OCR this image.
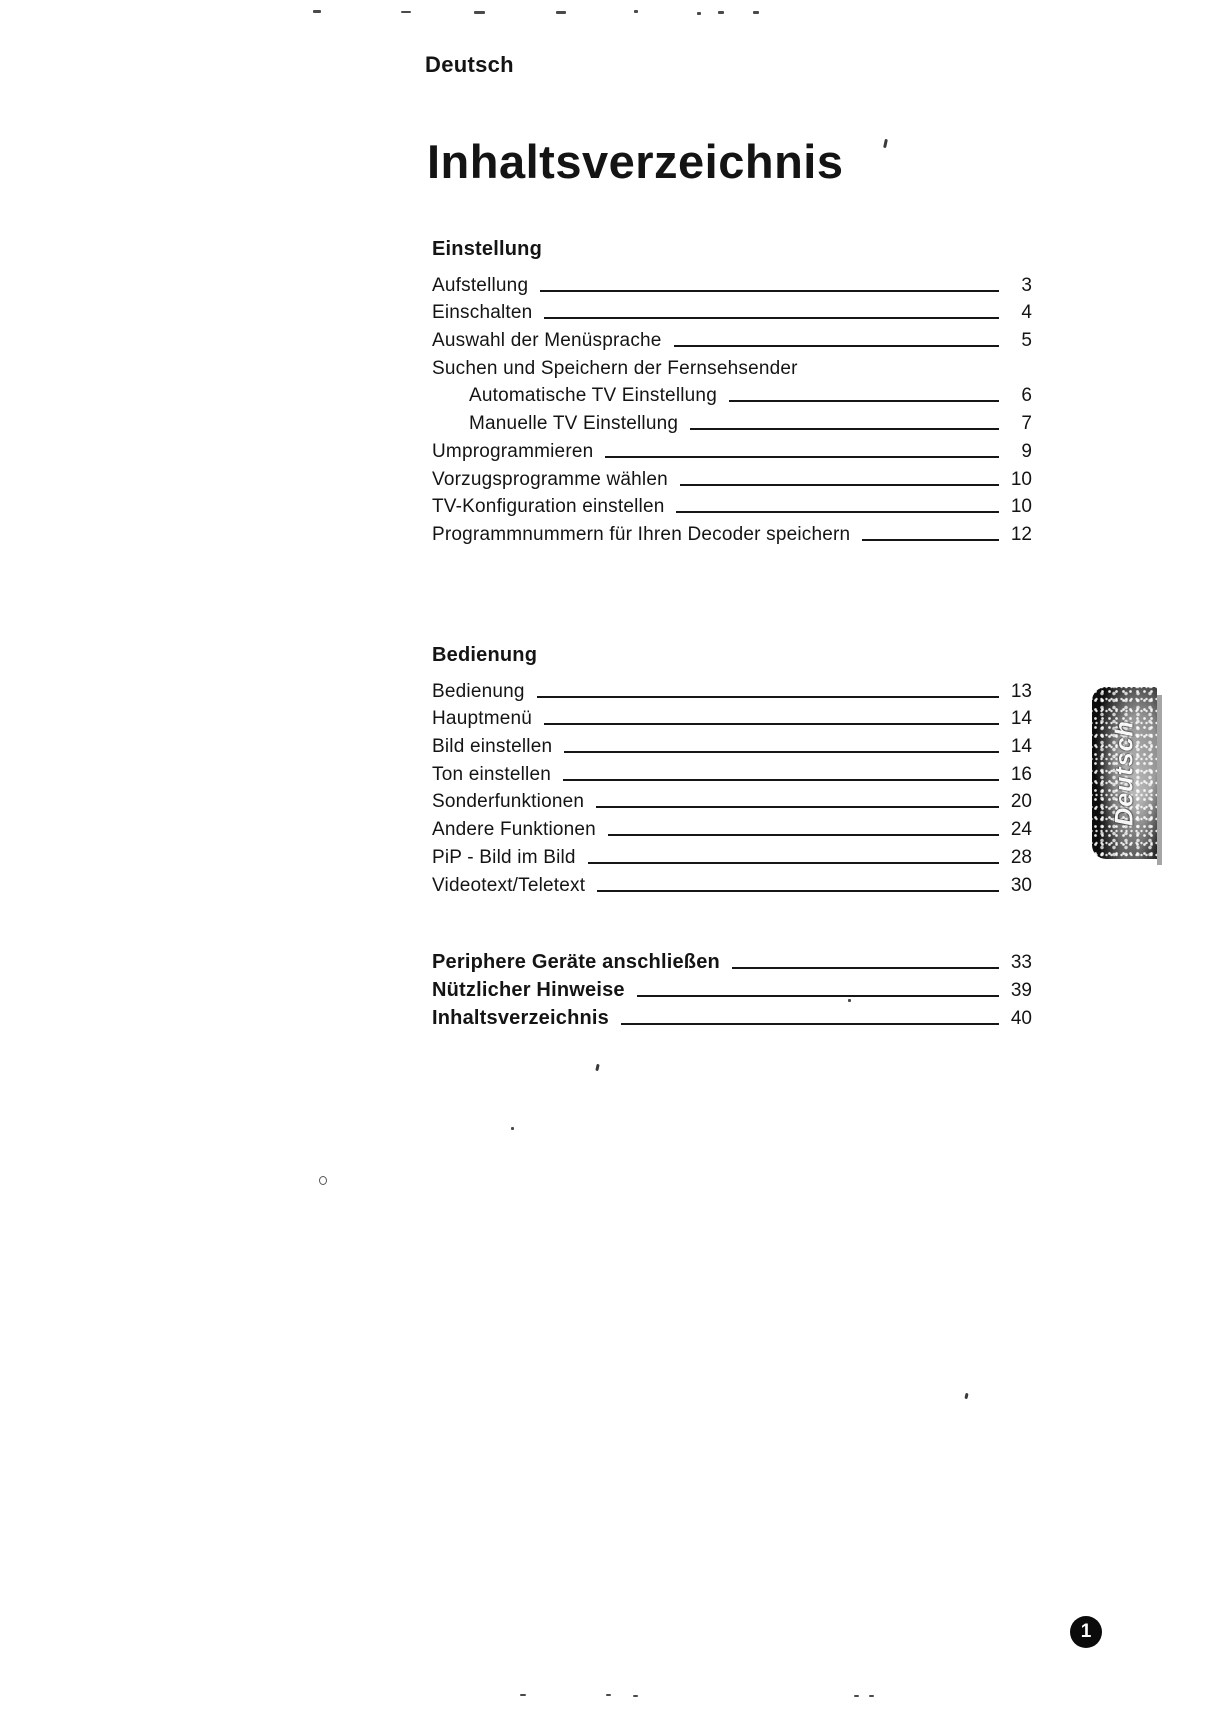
Deutsch
Inhaltsverzeichnis
Einstellung
Aufstellung	3
Einschalten	4
Auswahl der Menüsprache	5
Suchen und Speichern der Fernsehsender
Automatische TV Einstellung	6
Manuelle TV Einstellung	7
Umprogrammieren	9
Vorzugsprogramme wählen	10
TV-Konfiguration einstellen	10
Programmnummern für Ihren Decoder speichern	12
Bedienung
Bedienung	13
Hauptmenü	14
Bild einstellen	14
Ton einstellen	16
Sonderfunktionen	20
Andere Funktionen	24
PiP - Bild im Bild	28
Videotext/Teletext	30
Periphere Geräte anschließen	33
Nützlicher Hinweise	39
Inhaltsverzeichnis	40
Deutsch
1
